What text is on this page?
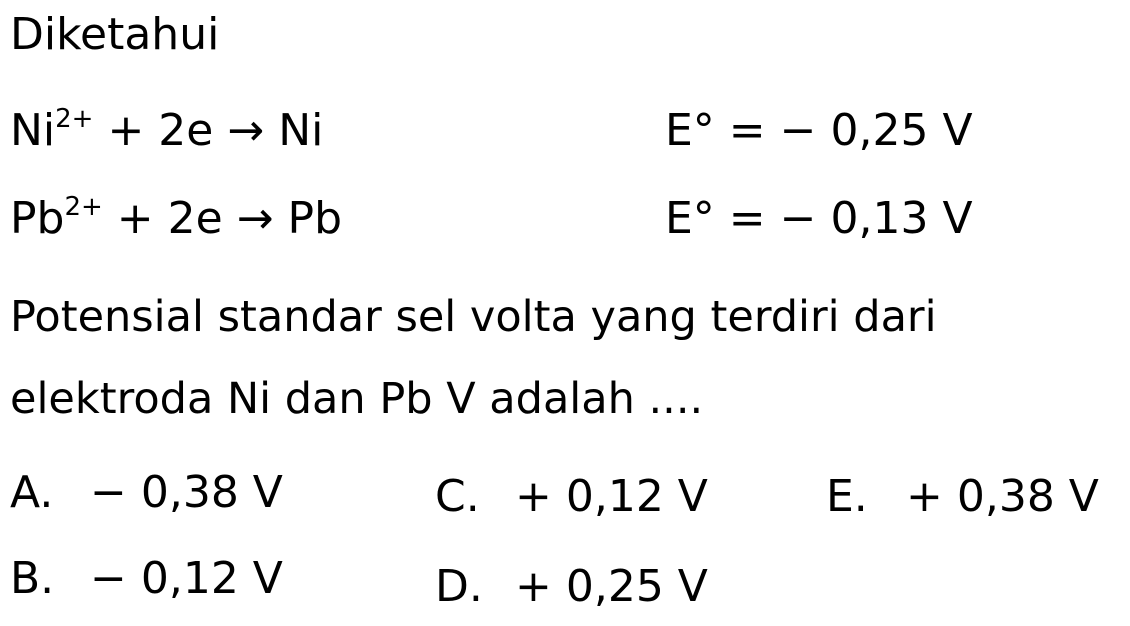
Diketahui
$Ni^{2+} + 2e \to Ni$	E° = − 0,25 V
$Pb^{2+} + 2e \to Pb$	E° = − 0,13 V
Potensial standar sel volta yang terdiri dari
elektroda Ni dan Pb V adalah ....
A. − 0,38 V
B. − 0,12 V
C. + 0,12 V
D. + 0,25 V
E. + 0,38 V
